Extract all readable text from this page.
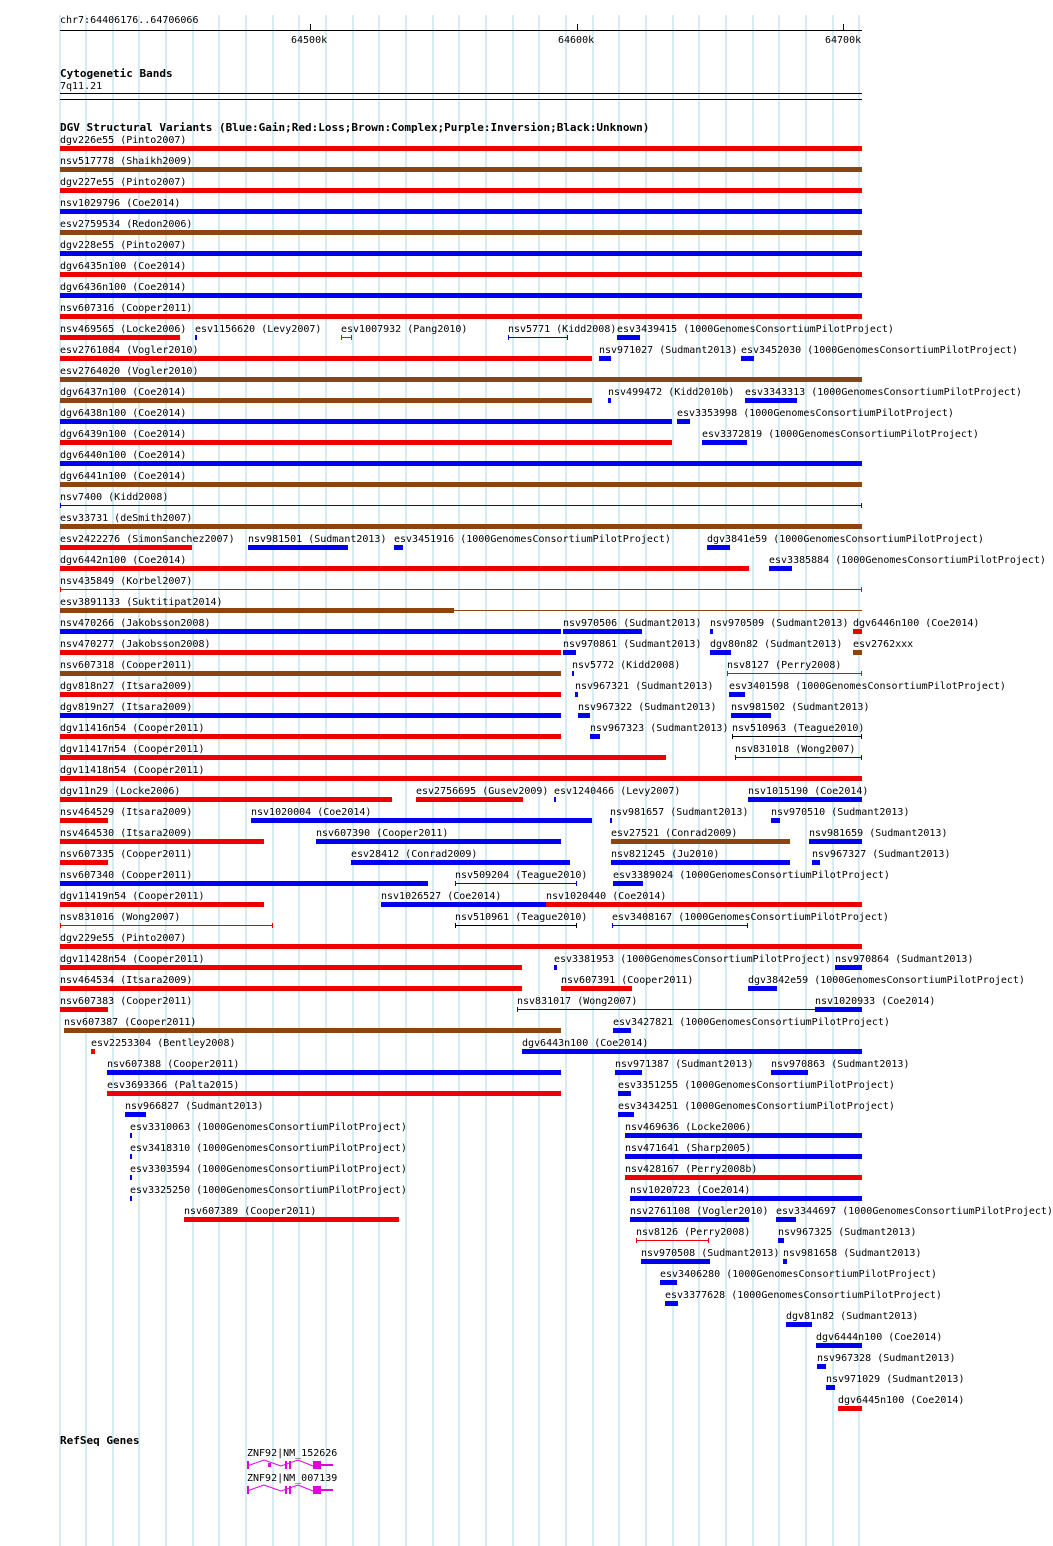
chr7:64406176..64706066
64500k	64600k	64700k
Cytogenetic Bands
7q11.21
DGV Structural Variants (Blue:Gain;Red:Loss;Brown:Complex;Purple:Inversion;Black:Unknown)
dgv226e55 (Pinto2007)
nsv517778 (Shaikh2009)
dgv227e55 (Pinto2007)
nsv1029796 (Coe2014)
esv2759534 (Redon2006)
dgv228e55 (Pinto2007)
dgv6435n100 (Coe2014)
dgv6436n100 (Coe2014)
nsv607316 (Cooper2011)
nsv469565 (Locke2006) esv1156620 (Levy2007) esv1007932 (Pang2010)	nsv5771 (Kidd2008) esv3439415 (1000GenomesConsortiumPilotProject)
esv2761084 (Vogler2010)	nsv971027 (Sudmant2013) esv3452030 (1000GenomesConsortiumPilotProject)
esv2764020 (Vogler2010)
dgv6437n100 (Coe2014)	nsv499472 (Kidd2010b) esv3343313 (1000GenomesConsortiumPilotProject)
dgv6438n100 (Coe2014)	esv3353998 (1000GenomesConsortiumPilotProject)
dgv6439n100 (Coe2014)	esv3372819 (1000GenomesConsortiumPilotProject)
dgv6440n100 (Coe2014)
dgv6441n100 (Coe2014)
nsv7400 (Kidd2008)
esv33731 (deSmith2007)
esv2422276 (SimonSanchez2007) nsv981501 (Sudmant2013) esv3451916 (1000GenomesConsortiumPilotProject)	dgv3841e59 (1000GenomesConsortiumPilotProject)
dgv6442n100 (Coe2014)	esv3385884 (1000GenomesConsortiumPilotProject)
nsv435849 (Korbel2007)
esv3891133 (Suktitipat2014)
nsv470266 (Jakobsson2008)	nsv970506 (Sudmant2013) nsv970509 (Sudmant2013) dgv6446n100 (Coe2014)
nsv470277 (Jakobsson2008)	nsv970861 (Sudmant2013) dgv80n82 (Sudmant2013) esv2762xxx
nsv607318 (Cooper2011)	nsv5772 (Kidd2008)	nsv8127 (Perry2008)
dgv818n27 (Itsara2009)	nsv967321 (Sudmant2013) esv3401598 (1000GenomesConsortiumPilotProject)
dgv819n27 (Itsara2009)	nsv967322 (Sudmant2013) nsv981502 (Sudmant2013)
dgv11416n54 (Cooper2011)	nsv967323 (Sudmant2013) nsv510963 (Teague2010)
dgv11417n54 (Cooper2011)	nsv831018 (Wong2007)
dgv11418n54 (Cooper2011)
dgv11n29 (Locke2006)	esv2756695 (Gusev2009) esv1240466 (Levy2007)	nsv1015190 (Coe2014)
nsv464529 (Itsara2009)	nsv1020004 (Coe2014)	nsv981657 (Sudmant2013) nsv970510 (Sudmant2013)
nsv464530 (Itsara2009)	nsv607390 (Cooper2011)	esv27521 (Conrad2009)	nsv981659 (Sudmant2013)
nsv607335 (Cooper2011)	esv28412 (Conrad2009)	nsv821245 (Ju2010)	nsv967327 (Sudmant2013)
nsv607340 (Cooper2011)	nsv509204 (Teague2010)	esv3389024 (1000GenomesConsortiumPilotProject)
dgv11419n54 (Cooper2011)	nsv1026527 (Coe2014)	nsv1020440 (Coe2014)
nsv831016 (Wong2007)	nsv510961 (Teague2010) esv3408167 (1000GenomesConsortiumPilotProject)
dgv229e55 (Pinto2007)
dgv11428n54 (Cooper2011)	esv3381953 (1000GenomesConsortiumPilotProject) nsv970864 (Sudmant2013)
nsv464534 (Itsara2009)	nsv607391 (Cooper2011)	dgv3842e59 (1000GenomesConsortiumPilotProject)
nsv607383 (Cooper2011)	nsv831017 (Wong2007)	nsv1020933 (Coe2014)
nsv607387 (Cooper2011)	esv3427821 (1000GenomesConsortiumPilotProject)
esv2253304 (Bentley2008)	dgv6443n100 (Coe2014)
nsv607388 (Cooper2011)	nsv971387 (Sudmant2013) nsv970863 (Sudmant2013)
esv3693366 (Palta2015)	esv3351255 (1000GenomesConsortiumPilotProject)
nsv966827 (Sudmant2013)	esv3434251 (1000GenomesConsortiumPilotProject)
esv3310063 (1000GenomesConsortiumPilotProject)	nsv469636 (Locke2006)
esv3418310 (1000GenomesConsortiumPilotProject)	nsv471641 (Sharp2005)
esv3303594 (1000GenomesConsortiumPilotProject)	nsv428167 (Perry2008b)
esv3325250 (1000GenomesConsortiumPilotProject)	nsv1020723 (Coe2014)
nsv607389 (Cooper2011)	nsv2761108 (Vogler2010) esv3344697 (1000GenomesConsortiumPilotProject)
nsv8126 (Perry2008)	nsv967325 (Sudmant2013)
nsv970508 (Sudmant2013) nsv981658 (Sudmant2013)
esv3406280 (1000GenomesConsortiumPilotProject)
esv3377628 (1000GenomesConsortiumPilotProject)
dgv81n82 (Sudmant2013)
dgv6444n100 (Coe2014)
nsv967328 (Sudmant2013)
nsv971029 (Sudmant2013)
dgv6445n100 (Coe2014)
RefSeq Genes
ZNF92|NM_152626
ZNF92|NM_007139
